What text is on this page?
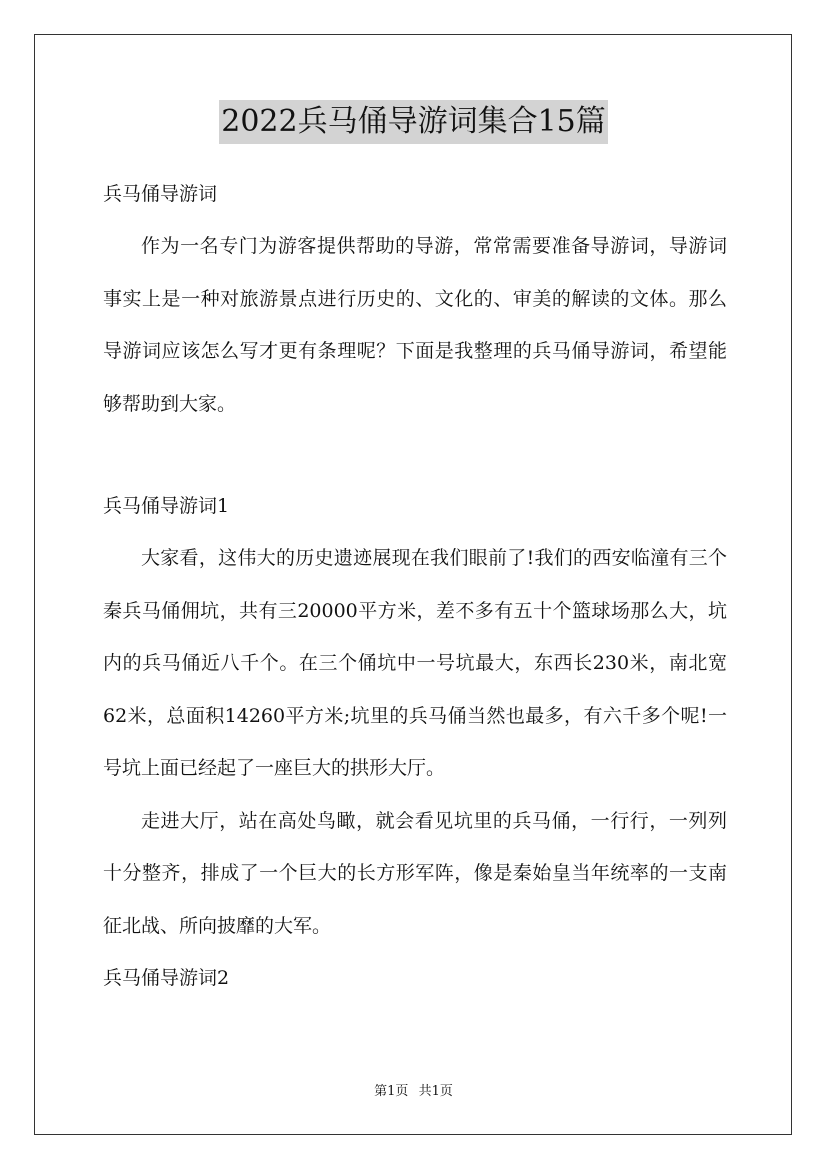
2022兵马俑导游词集合15篇

兵马俑导游词

作为一名专门为游客提供帮助的导游，常常需要准备导游词，导游词事实上是一种对旅游景点进行历史的、文化的、审美的解读的文体。那么导游词应该怎么写才更有条理呢？下面是我整理的兵马俑导游词，希望能够帮助到大家。

兵马俑导游词1

大家看，这伟大的历史遗迹展现在我们眼前了!我们的西安临潼有三个秦兵马俑佣坑，共有三20000平方米，差不多有五十个篮球场那么大，坑内的兵马俑近八千个。在三个俑坑中一号坑最大，东西长230米，南北宽62米，总面积14260平方米;坑里的兵马俑当然也最多，有六千多个呢!一号坑上面已经起了一座巨大的拱形大厅。

走进大厅，站在高处鸟瞰，就会看见坑里的兵马俑，一行行，一列列十分整齐，排成了一个巨大的长方形军阵，像是秦始皇当年统率的一支南征北战、所向披靡的大军。

兵马俑导游词2

第1页 共1页
